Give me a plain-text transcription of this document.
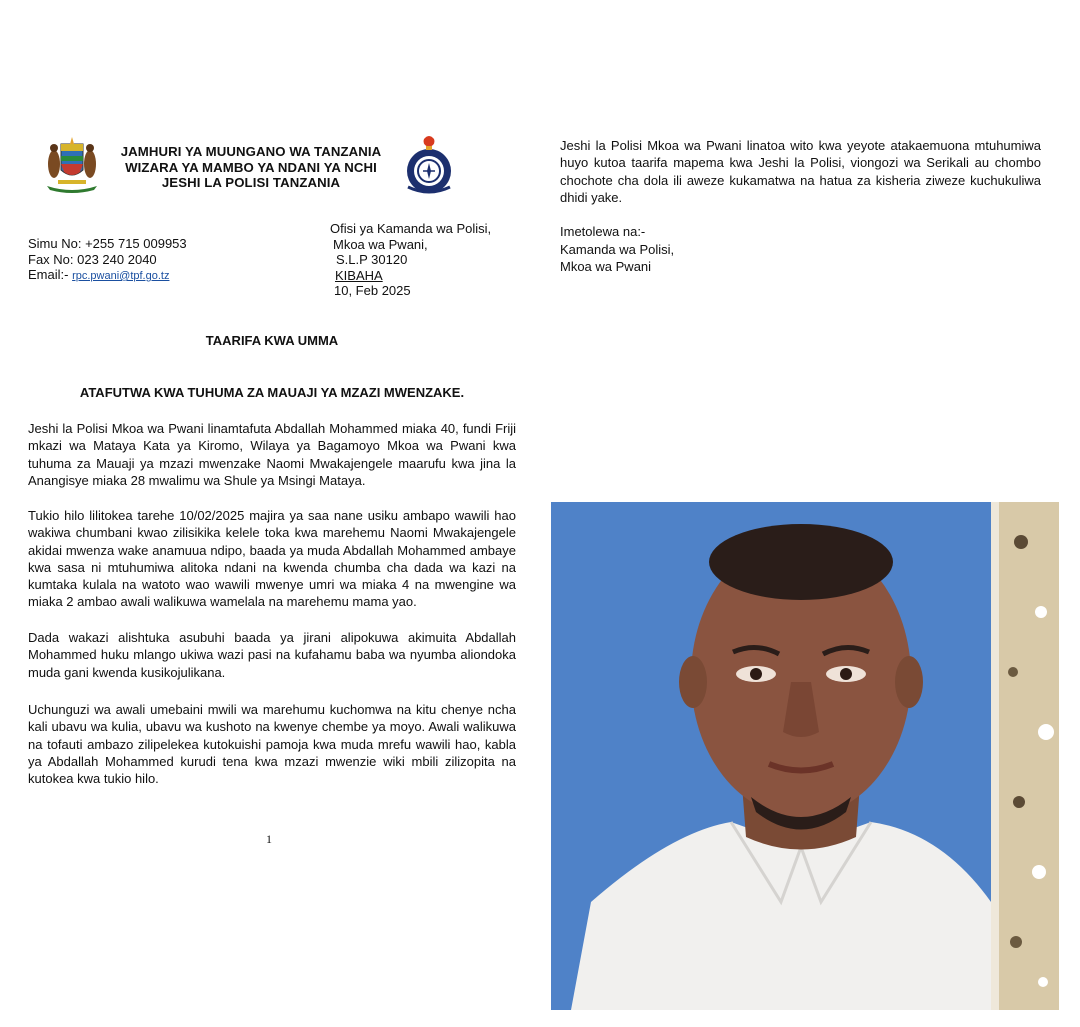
JAMHURI YA MUUNGANO WA TANZANIA
WIZARA YA MAMBO YA NDANI YA NCHI
JESHI LA POLISI TANZANIA
Simu No: +255 715 009953
Fax No: 023 240 2040
Email:- rpc.pwani@tpf.go.tz
Ofisi ya Kamanda wa Polisi,
Mkoa wa Pwani,
S.L.P 30120
KIBAHA
10, Feb 2025
TAARIFA KWA UMMA
ATAFUTWA KWA TUHUMA ZA MAUAJI YA MZAZI MWENZAKE.

Jeshi la Polisi Mkoa wa Pwani linamtafuta Abdallah Mohammed miaka 40, fundi Friji mkazi wa Mataya Kata ya Kiromo, Wilaya ya Bagamoyo Mkoa wa Pwani kwa tuhuma za Mauaji ya mzazi mwenzake Naomi Mwakajengele maarufu kwa jina la Anangisye miaka 28 mwalimu wa Shule ya Msingi Mataya.

Tukio hilo lilitokea tarehe 10/02/2025 majira ya saa nane usiku ambapo wawili hao wakiwa chumbani kwao zilisikika kelele toka kwa marehemu Naomi Mwakajengele akidai mwenza wake anamuua ndipo, baada ya muda Abdallah Mohammed ambaye kwa sasa ni mtuhumiwa alitoka ndani na kwenda chumba cha dada wa kazi na kumtaka kulala na watoto wao wawili mwenye umri wa miaka 4 na mwengine wa miaka 2 ambao awali walikuwa wamelala na marehemu mama yao.

Dada wakazi alishtuka asubuhi baada ya jirani alipokuwa akimuita Abdallah Mohammed huku mlango ukiwa wazi pasi na kufahamu baba wa nyumba aliondoka muda gani kwenda kusikojulikana.

Uchunguzi wa awali umebaini mwili wa marehumu kuchomwa na kitu chenye ncha kali ubavu wa kulia, ubavu wa kushoto na kwenye chembe ya moyo. Awali walikuwa na tofauti ambazo zilipelekea kutokuishi pamoja kwa muda mrefu wawili hao, kabla ya Abdallah Mohammed kurudi tena kwa mzazi mwenzie wiki mbili zilizopita na kutokea kwa tukio hilo.

1

Jeshi la Polisi Mkoa wa Pwani linatoa wito kwa yeyote atakaemuona mtuhumiwa huyo kutoa taarifa mapema kwa Jeshi la Polisi, viongozi wa Serikali au chombo chochote cha dola ili aweze kukamatwa na hatua za kisheria ziweze kuchukuliwa dhidi yake.

Imetolewa na:-
Kamanda wa Polisi,
Mkoa wa Pwani
